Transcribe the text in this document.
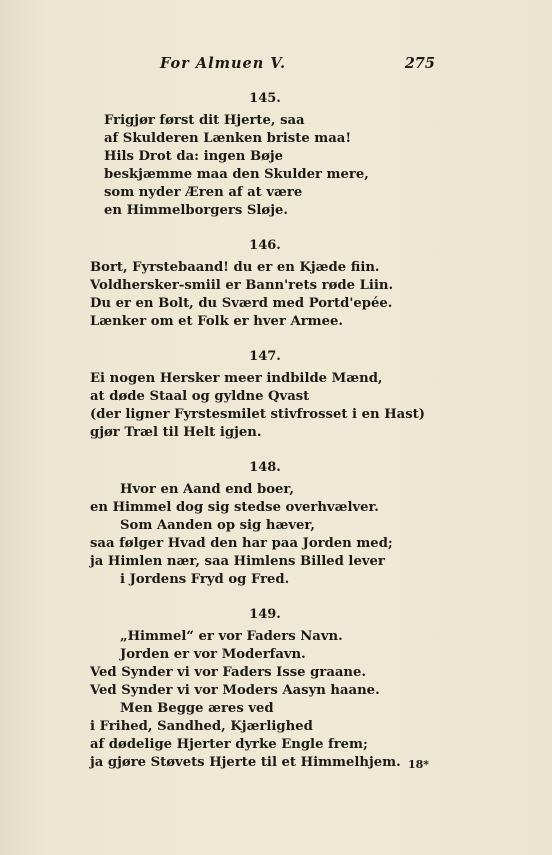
For Almuen V.	275
145.
Frigjør først dit Hjerte, saa
af Skulderen Lænken briste maa!
Hils Drot da: ingen Bøje
beskjæmme maa den Skulder mere,
som nyder Æren af at være
en Himmelborgers Sløje.
146.
Bort, Fyrstebaand! du er en Kjæde fiin.
Voldhersker-smiil er Bann'rets røde Liin.
Du er en Bolt, du Sværd med Portd'epée.
Lænker om et Folk er hver Armee.
147.
Ei nogen Hersker meer indbilde Mænd,
at døde Staal og gyldne Qvast
(der ligner Fyrstesmilet stivfrosset i en Hast)
gjør Træl til Helt igjen.
148.
Hvor en Aand end boer,
en Himmel dog sig stedse overhvælver.
Som Aanden op sig hæver,
saa følger Hvad den har paa Jorden med;
ja Himlen nær, saa Himlens Billed lever
i Jordens Fryd og Fred.
149.
„Himmel“ er vor Faders Navn.
Jorden er vor Moderfavn.
Ved Synder vi vor Faders Isse graane.
Ved Synder vi vor Moders Aasyn haane.
Men Begge æres ved
i Frihed, Sandhed, Kjærlighed
af dødelige Hjerter dyrke Engle frem;
ja gjøre Støvets Hjerte til et Himmelhjem. 18*
